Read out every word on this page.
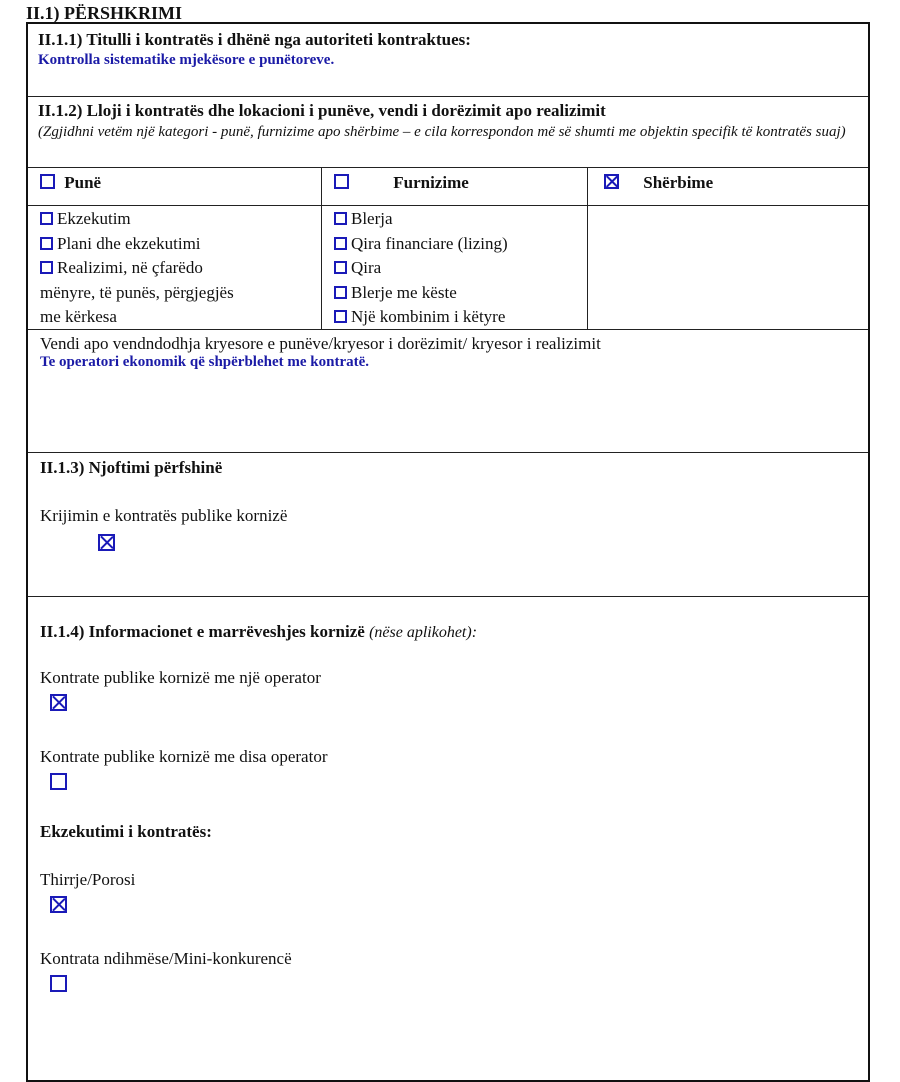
II.1) PËRSHKRIMI
II.1.1) Titulli i kontratës i dhënë nga autoriteti kontraktues:
Kontrolla sistematike mjekësore e punëtoreve.
II.1.2) Lloji i kontratës dhe lokacioni i punëve, vendi i dorëzimit apo realizimit
(Zgjidhni vetëm një kategori - punë, furnizime apo shërbime – e cila korrespondon më së shumti me objektin specifik të kontratës suaj)
Punë	Furnizime	Shërbime
Ekzekutim
Plani dhe ekzekutimi
Realizimi, në çfarëdo
mënyre, të punës, përgjegjës
me kërkesa
Blerja
Qira financiare (lizing)
Qira
Blerje me këste
Një kombinim i këtyre
Vendi apo vendndodhja kryesore e punëve/kryesor i dorëzimit/ kryesor i realizimit
Te operatori ekonomik që shpërblehet me kontratë.
II.1.3) Njoftimi përfshinë
Krijimin e kontratës publike kornizë
II.1.4) Informacionet e marrëveshjes kornizë (nëse aplikohet):
Kontrate publike kornizë me një operator
Kontrate publike kornizë me disa operator
Ekzekutimi i kontratës:
Thirrje/Porosi
Kontrata ndihmëse/Mini-konkurencë
